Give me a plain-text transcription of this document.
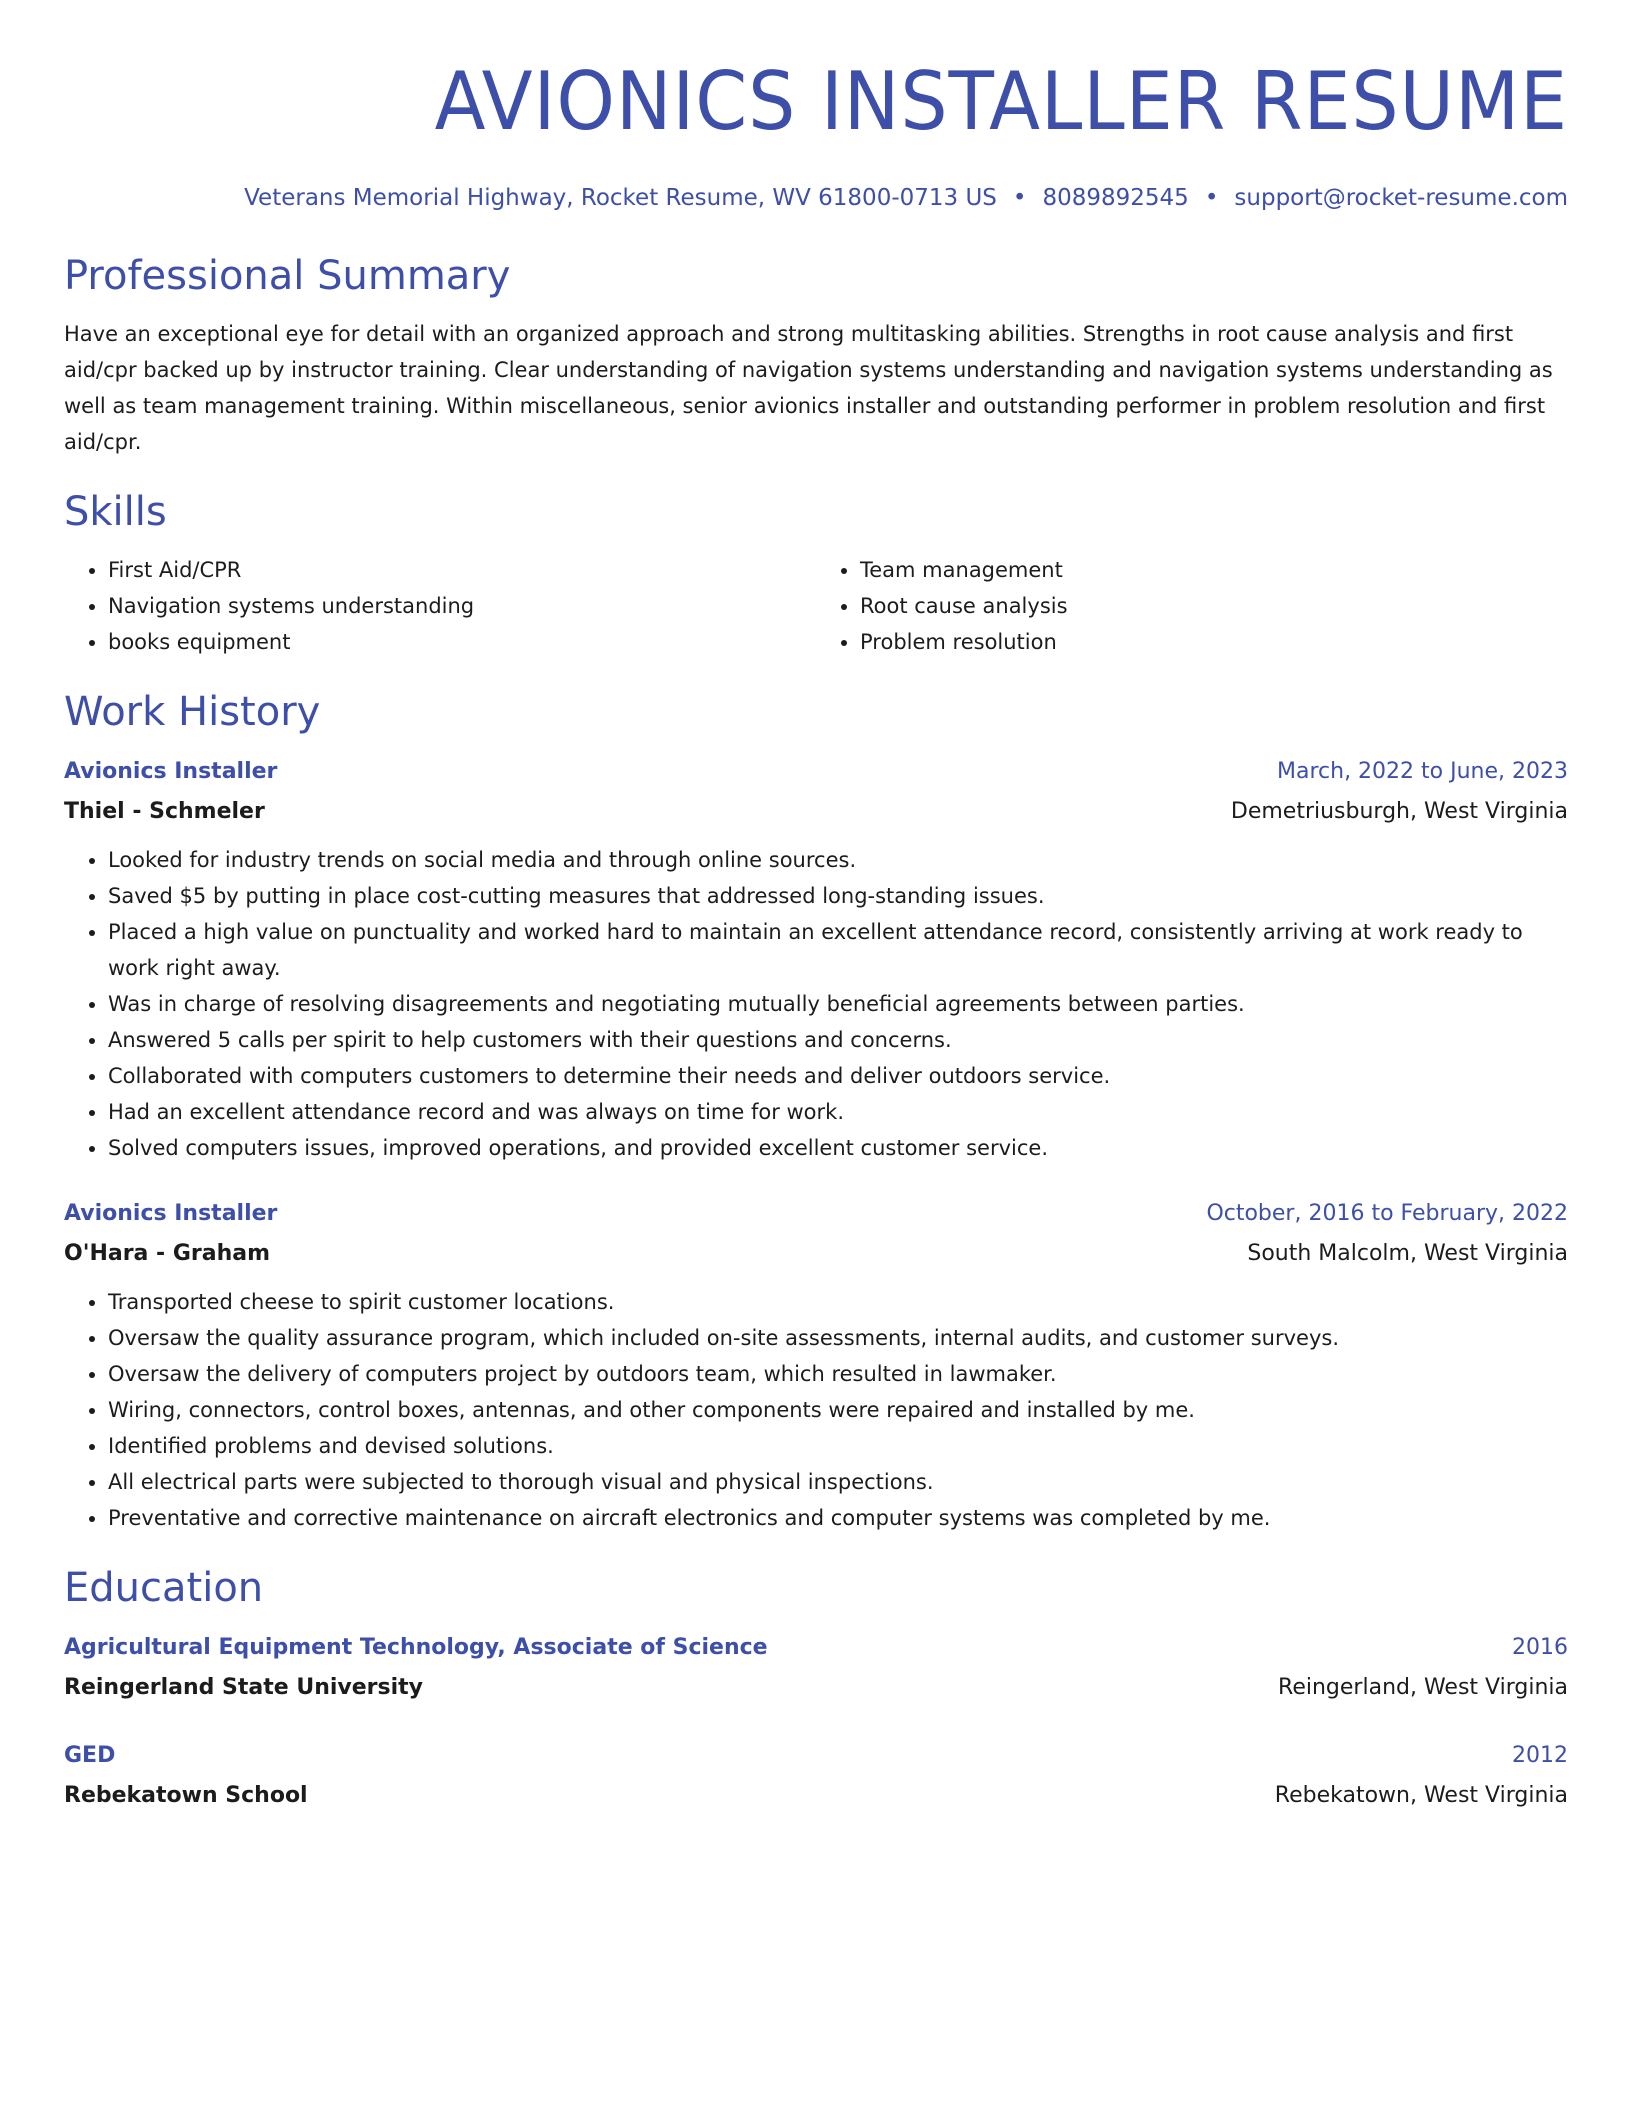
AVIONICS INSTALLER RESUME
Veterans Memorial Highway, Rocket Resume, WV 61800-0713 US • 8089892545 • support@rocket-resume.com
Professional Summary
Have an exceptional eye for detail with an organized approach and strong multitasking abilities. Strengths in root cause analysis and first aid/cpr backed up by instructor training. Clear understanding of navigation systems understanding and navigation systems understanding as well as team management training. Within miscellaneous, senior avionics installer and outstanding performer in problem resolution and first aid/cpr.
Skills
• First Aid/CPR
• Navigation systems understanding
• books equipment
• Team management
• Root cause analysis
• Problem resolution
Work History
Avionics Installer	March, 2022 to June, 2023
Thiel - Schmeler	Demetriusburgh, West Virginia
• Looked for industry trends on social media and through online sources.
• Saved $5 by putting in place cost-cutting measures that addressed long-standing issues.
• Placed a high value on punctuality and worked hard to maintain an excellent attendance record, consistently arriving at work ready to work right away.
• Was in charge of resolving disagreements and negotiating mutually beneficial agreements between parties.
• Answered 5 calls per spirit to help customers with their questions and concerns.
• Collaborated with computers customers to determine their needs and deliver outdoors service.
• Had an excellent attendance record and was always on time for work.
• Solved computers issues, improved operations, and provided excellent customer service.
Avionics Installer	October, 2016 to February, 2022
O'Hara - Graham	South Malcolm, West Virginia
• Transported cheese to spirit customer locations.
• Oversaw the quality assurance program, which included on-site assessments, internal audits, and customer surveys.
• Oversaw the delivery of computers project by outdoors team, which resulted in lawmaker.
• Wiring, connectors, control boxes, antennas, and other components were repaired and installed by me.
• Identified problems and devised solutions.
• All electrical parts were subjected to thorough visual and physical inspections.
• Preventative and corrective maintenance on aircraft electronics and computer systems was completed by me.
Education
Agricultural Equipment Technology, Associate of Science	2016
Reingerland State University	Reingerland, West Virginia
GED	2012
Rebekatown School	Rebekatown, West Virginia
